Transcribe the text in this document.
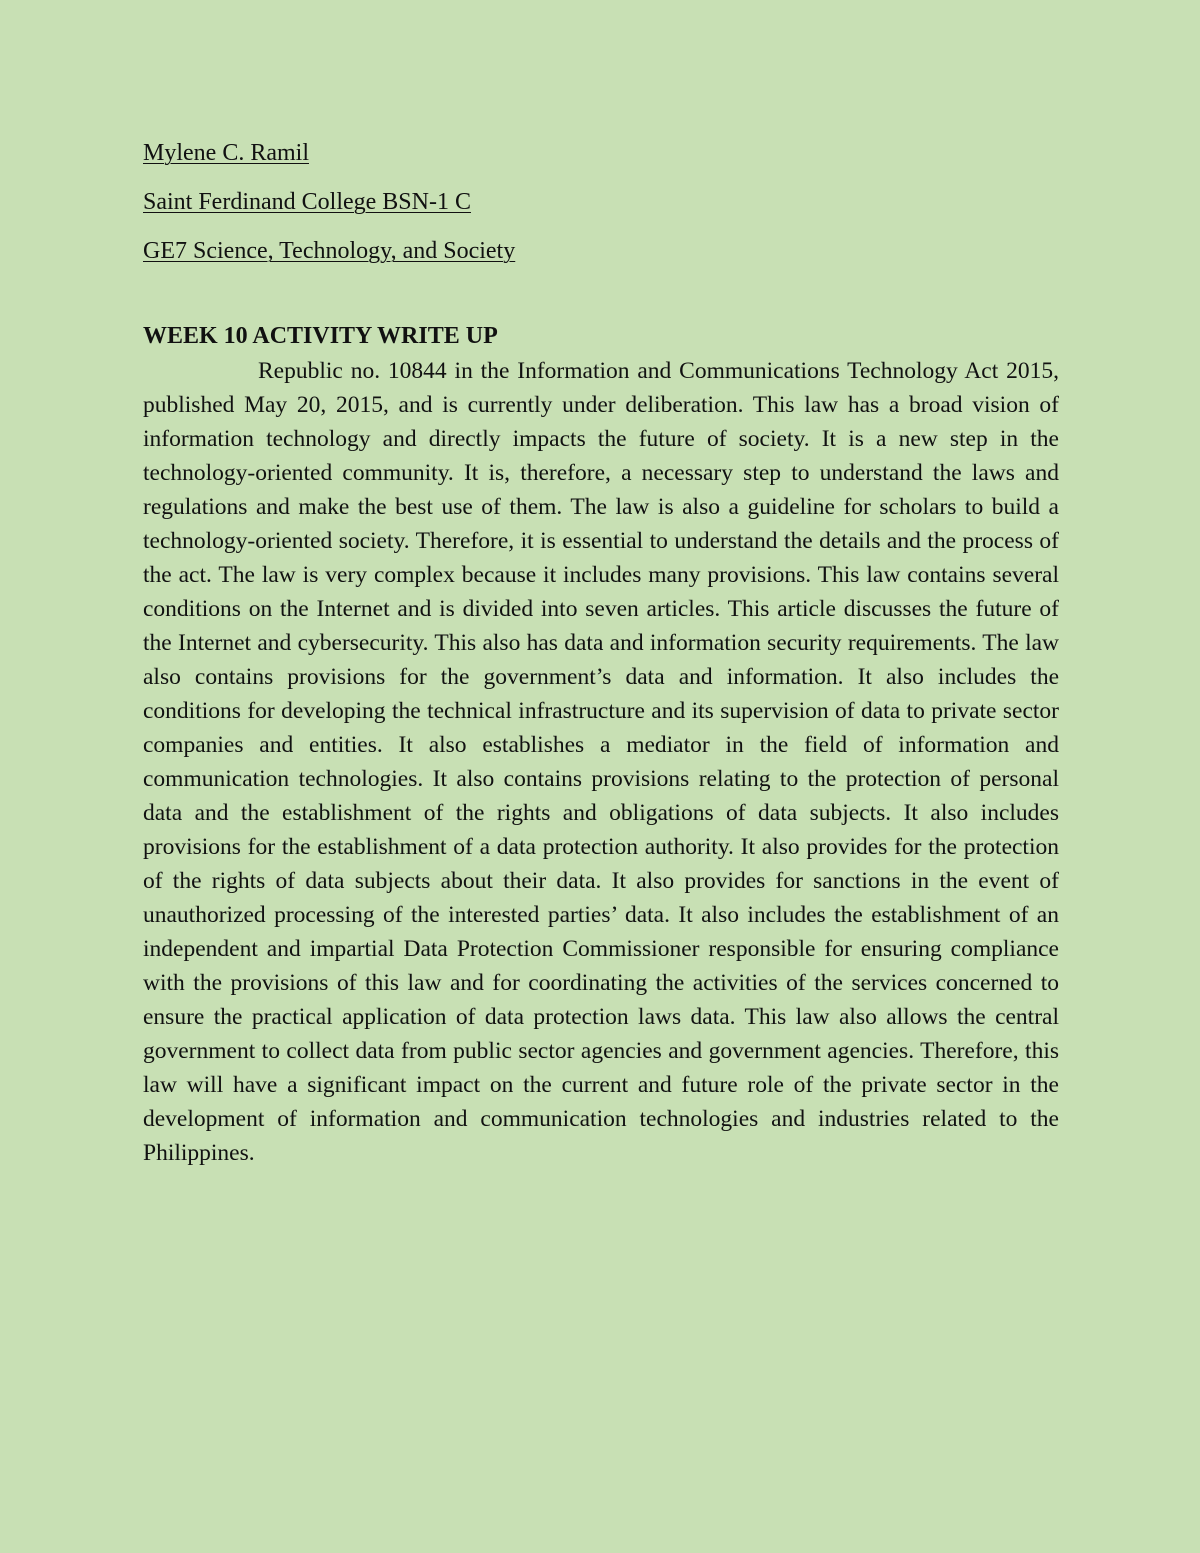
Mylene C. Ramil
Saint Ferdinand College BSN-1 C
GE7 Science, Technology, and Society
WEEK 10 ACTIVITY WRITE UP

Republic no. 10844 in the Information and Communications Technology Act 2015, published May 20, 2015, and is currently under deliberation. This law has a broad vision of information technology and directly impacts the future of society. It is a new step in the technology-oriented community. It is, therefore, a necessary step to understand the laws and regulations and make the best use of them. The law is also a guideline for scholars to build a technology-oriented society. Therefore, it is essential to understand the details and the process of the act. The law is very complex because it includes many provisions. This law contains several conditions on the Internet and is divided into seven articles. This article discusses the future of the Internet and cybersecurity. This also has data and information security requirements. The law also contains provisions for the government’s data and information. It also includes the conditions for developing the technical infrastructure and its supervision of data to private sector companies and entities. It also establishes a mediator in the field of information and communication technologies. It also contains provisions relating to the protection of personal data and the establishment of the rights and obligations of data subjects. It also includes provisions for the establishment of a data protection authority. It also provides for the protection of the rights of data subjects about their data. It also provides for sanctions in the event of unauthorized processing of the interested parties’ data. It also includes the establishment of an independent and impartial Data Protection Commissioner responsible for ensuring compliance with the provisions of this law and for coordinating the activities of the services concerned to ensure the practical application of data protection laws data. This law also allows the central government to collect data from public sector agencies and government agencies. Therefore, this law will have a significant impact on the current and future role of the private sector in the development of information and communication technologies and industries related to the Philippines.
